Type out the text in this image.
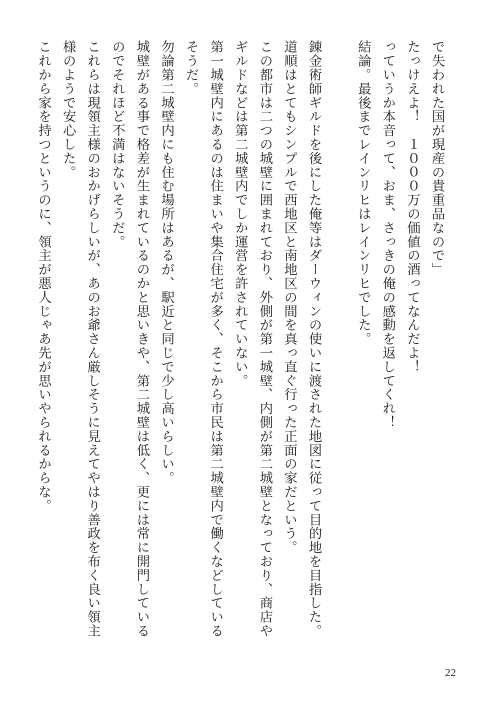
で失われた国が現産の貴重品なので」
たっけえよ！　１０００万の価値の酒ってなんだよ！
っていうか本音って、おま、さっきの俺の感動を返してくれ！
結論。最後までレインリヒはレインリヒでした。
錬金術師ギルドを後にした俺等はダーウィンの使いに渡された地図に従って目的地を目指した。
道順はとてもシンプルで西地区と南地区の間を真っ直ぐ行った正面の家だという。
この都市は二つの城壁に囲まれており、外側が第一城壁、内側が第二城壁となっており、商店や
ギルドなどは第二城壁内でしか運営を許されていない。
第一城壁内にあるのは住まいや集合住宅が多く、そこから市民は第二城壁内で働くなどしている
そうだ。
勿論第二城壁内にも住む場所はあるが、駅近と同じで少し高いらしい。
城壁がある事で格差が生まれているのかと思いきや、第二城壁は低く、更には常に開門している
のでそれほど不満はないそうだ。
これらは現領主様のおかげらしいが、あのお爺さん厳しそうに見えてやはり善政を布く良い領主
様のようで安心した。
これから家を持つというのに、領主が悪人じゃあ先が思いやられるからな。
22
